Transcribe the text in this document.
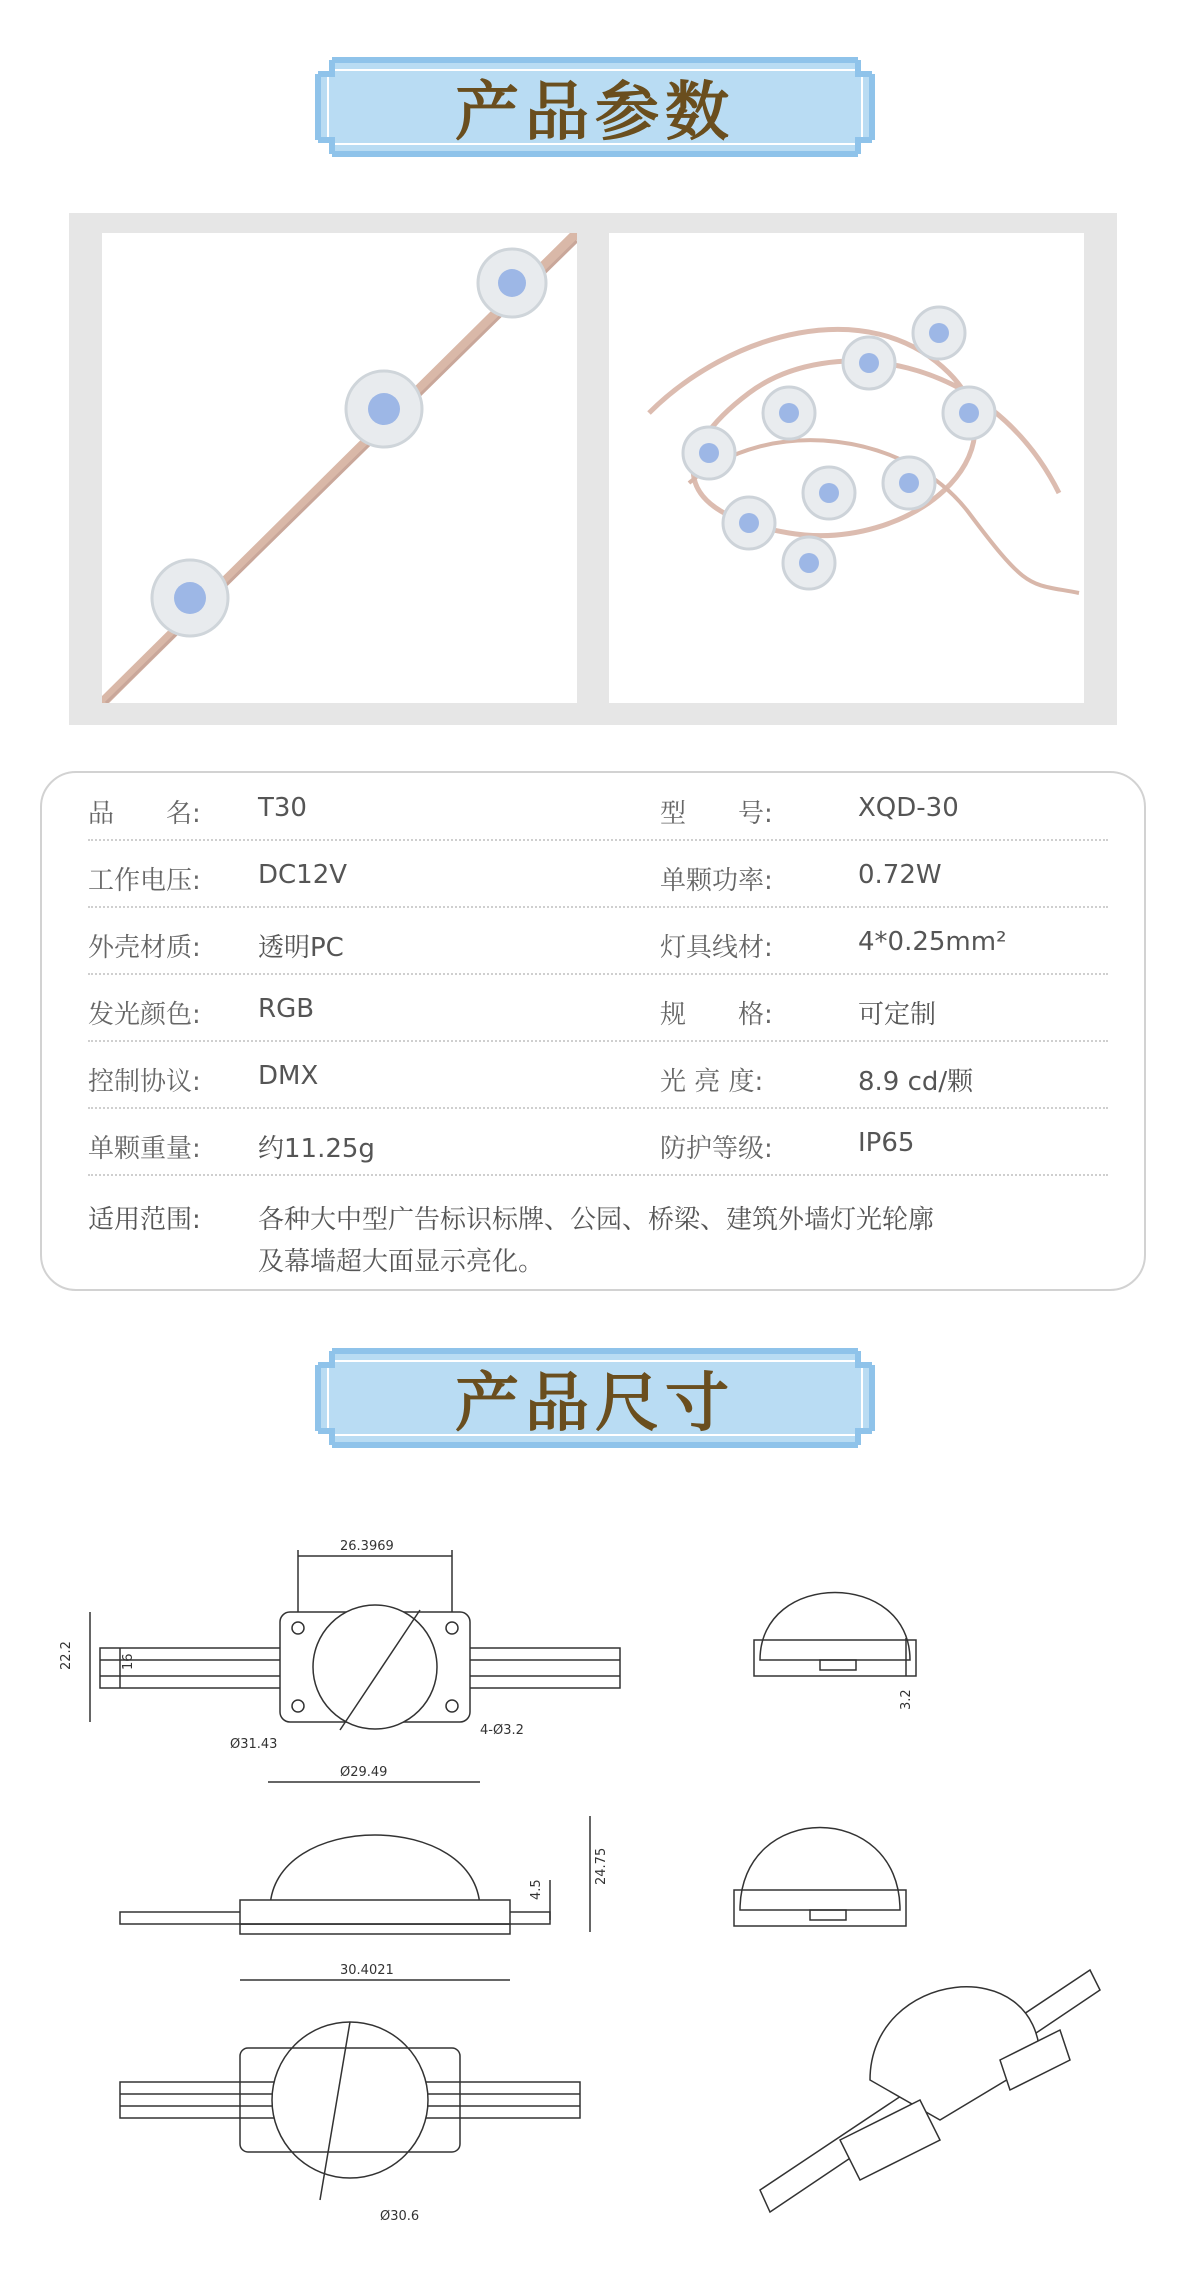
产品参数
品　　名: T30	型　　号:	XQD-30
工作电压: DC12V	单颗功率:	0.72W
外壳材质: 透明PC	灯具线材:	4*0.25mm²
发光颜色: RGB	规　　格:	可定制
控制协议: DMX	光 亮 度:	8.9 cd/颗
单颗重量: 约11.25g	防护等级:	IP65
适用范围: 各种大中型广告标识标牌、公园、桥梁、建筑外墙灯光轮廓
及幕墙超大面显示亮化。
产品尺寸
26.3969
22.2	16
Ø31.43
4-Ø3.2
Ø29.49
30.4021
4.5
24.75
Ø30.6
3.2
